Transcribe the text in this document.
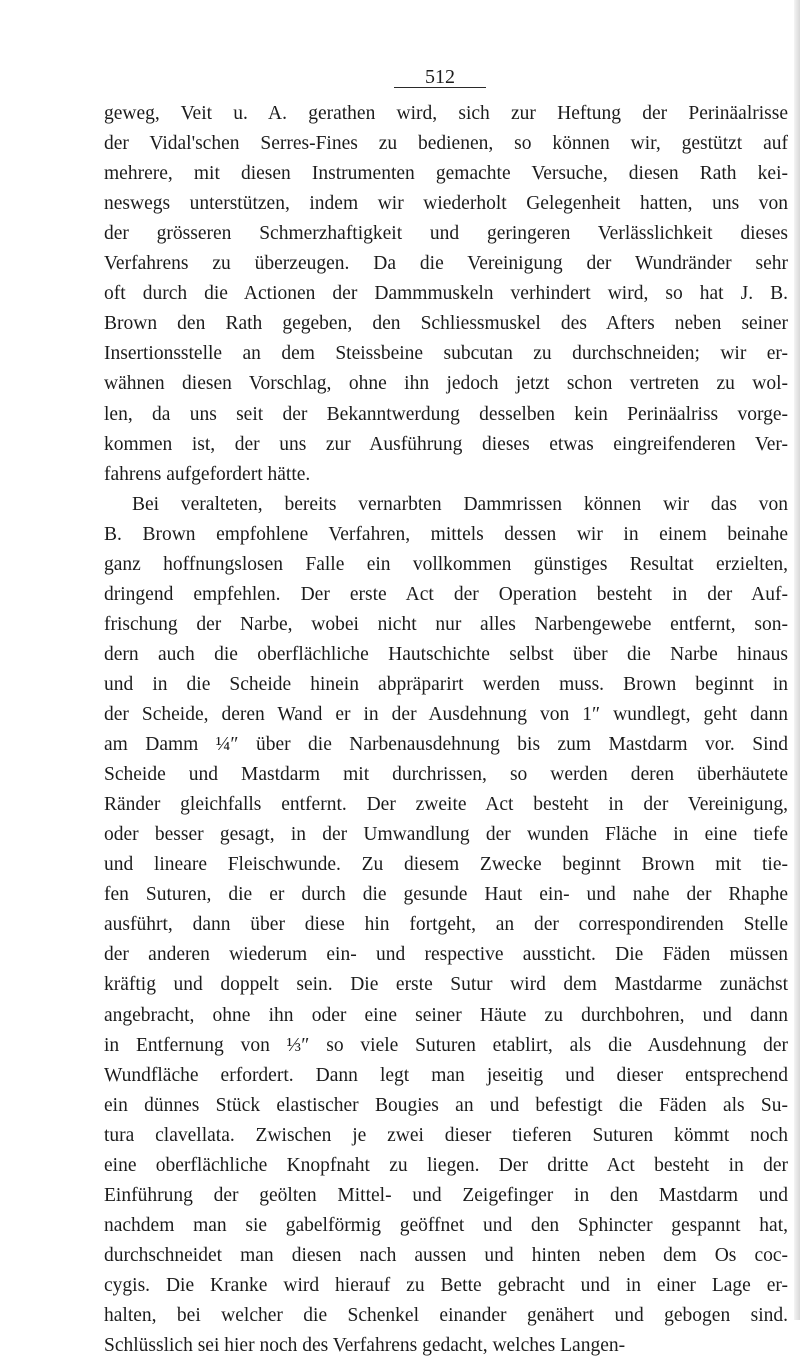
512
geweg, Veit u. A. gerathen wird, sich zur Heftung der Perinäalrisse
der Vidal'schen Serres-Fines zu bedienen, so können wir, gestützt auf
mehrere, mit diesen Instrumenten gemachte Versuche, diesen Rath kei-
neswegs unterstützen, indem wir wiederholt Gelegenheit hatten, uns von
der grösseren Schmerzhaftigkeit und geringeren Verlässlichkeit dieses
Verfahrens zu überzeugen. Da die Vereinigung der Wundränder sehr
oft durch die Actionen der Dammmuskeln verhindert wird, so hat J. B.
Brown den Rath gegeben, den Schliessmuskel des Afters neben seiner
Insertionsstelle an dem Steissbeine subcutan zu durchschneiden; wir er-
wähnen diesen Vorschlag, ohne ihn jedoch jetzt schon vertreten zu wol-
len, da uns seit der Bekanntwerdung desselben kein Perinäalriss vorge-
kommen ist, der uns zur Ausführung dieses etwas eingreifenderen Ver-
fahrens aufgefordert hätte.
Bei veralteten, bereits vernarbten Dammrissen können wir das von
B. Brown empfohlene Verfahren, mittels dessen wir in einem beinahe
ganz hoffnungslosen Falle ein vollkommen günstiges Resultat erzielten,
dringend empfehlen. Der erste Act der Operation besteht in der Auf-
frischung der Narbe, wobei nicht nur alles Narbengewebe entfernt, son-
dern auch die oberflächliche Hautschichte selbst über die Narbe hinaus
und in die Scheide hinein abpräparirt werden muss. Brown beginnt in
der Scheide, deren Wand er in der Ausdehnung von 1″ wundlegt, geht dann
am Damm ¼″ über die Narbenausdehnung bis zum Mastdarm vor. Sind
Scheide und Mastdarm mit durchrissen, so werden deren überhäutete
Ränder gleichfalls entfernt. Der zweite Act besteht in der Vereinigung,
oder besser gesagt, in der Umwandlung der wunden Fläche in eine tiefe
und lineare Fleischwunde. Zu diesem Zwecke beginnt Brown mit tie-
fen Suturen, die er durch die gesunde Haut ein- und nahe der Rhaphe
ausführt, dann über diese hin fortgeht, an der correspondirenden Stelle
der anderen wiederum ein- und respective aussticht. Die Fäden müssen
kräftig und doppelt sein. Die erste Sutur wird dem Mastdarme zunächst
angebracht, ohne ihn oder eine seiner Häute zu durchbohren, und dann
in Entfernung von ⅓″ so viele Suturen etablirt, als die Ausdehnung der
Wundfläche erfordert. Dann legt man jeseitig und dieser entsprechend
ein dünnes Stück elastischer Bougies an und befestigt die Fäden als Su-
tura clavellata. Zwischen je zwei dieser tieferen Suturen kömmt noch
eine oberflächliche Knopfnaht zu liegen. Der dritte Act besteht in der
Einführung der geölten Mittel- und Zeigefinger in den Mastdarm und
nachdem man sie gabelförmig geöffnet und den Sphincter gespannt hat,
durchschneidet man diesen nach aussen und hinten neben dem Os coc-
cygis. Die Kranke wird hierauf zu Bette gebracht und in einer Lage er-
halten, bei welcher die Schenkel einander genähert und gebogen sind.
Schlüsslich sei hier noch des Verfahrens gedacht, welches Langen-
